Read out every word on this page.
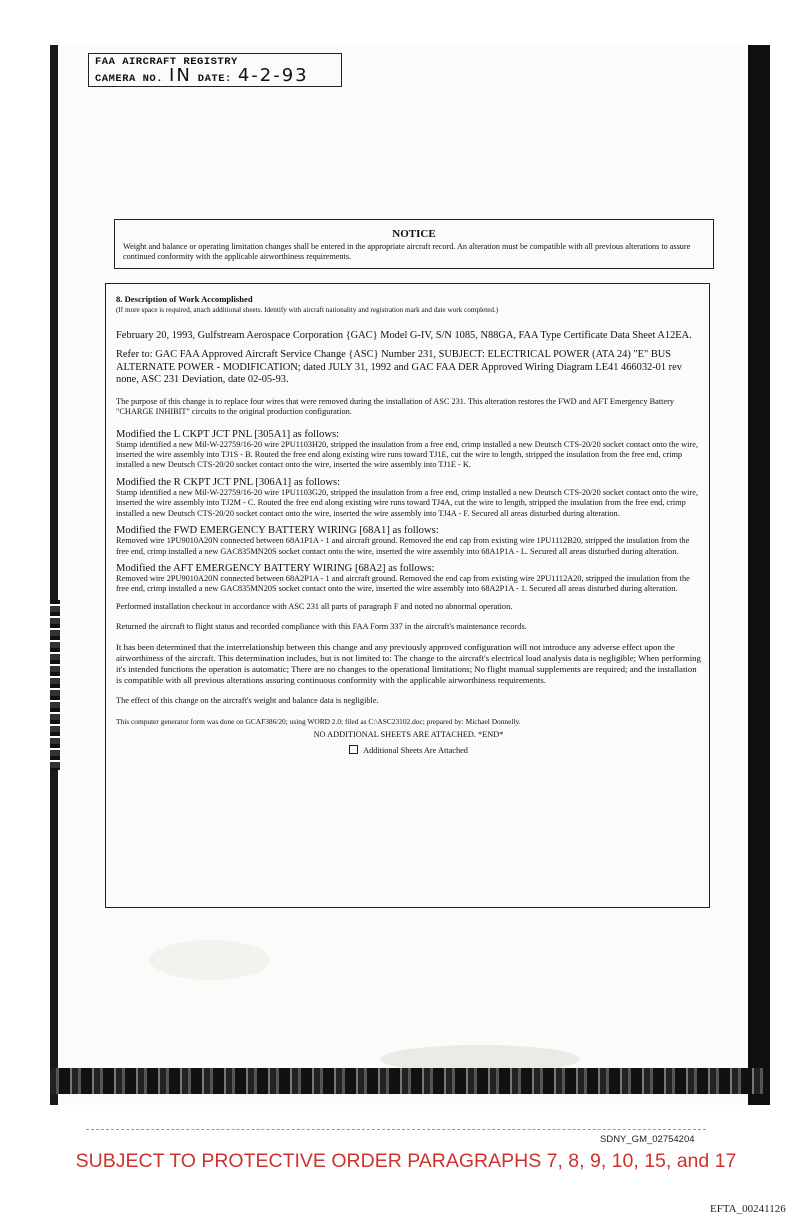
FAA AIRCRAFT REGISTRY
CAMERA NO. IN DATE: 4-2-93
NOTICE
Weight and balance or operating limitation changes shall be entered in the appropriate aircraft record. An alteration must be compatible with all previous alterations to assure continued conformity with the applicable airworthiness requirements.

8. Description of Work Accomplished
(If more space is required, attach additional sheets. Identify with aircraft nationality and registration mark and date work completed.)

February 20, 1993, Gulfstream Aerospace Corporation {GAC} Model G-IV, S/N 1085, N88GA, FAA Type Certificate Data Sheet A12EA.

Refer to: GAC FAA Approved Aircraft Service Change {ASC} Number 231, SUBJECT: ELECTRICAL POWER (ATA 24) "E" BUS ALTERNATE POWER - MODIFICATION; dated JULY 31, 1992 and GAC FAA DER Approved Wiring Diagram LE41 466032-01 rev none, ASC 231 Deviation, date 02-05-93.

The purpose of this change is to replace four wires that were removed during the installation of ASC 231. This alteration restores the FWD and AFT Emergency Battery "CHARGE INHIBIT" circuits to the original production configuration.

Modified the L CKPT JCT PNL [305A1] as follows:
Stamp identified a new Mil-W-22759/16-20 wire 2PU1103H20, stripped the insulation from a free end, crimp installed a new Deutsch CTS-20/20 socket contact onto the wire, inserted the wire assembly into TJ1S - B. Routed the free end along existing wire runs toward TJ1E, cut the wire to length, stripped the insulation from the free end, crimp installed a new Deutsch CTS-20/20 socket contact onto the wire, inserted the wire assembly into TJ1E - K.

Modified the R CKPT JCT PNL [306A1] as follows:
Stamp identified a new Mil-W-22759/16-20 wire 1PU1103G20, stripped the insulation from a free end, crimp installed a new Deutsch CTS-20/20 socket contact onto the wire, inserted the wire assembly into TJ2M - C. Routed the free end along existing wire runs toward TJ4A, cut the wire to length, stripped the insulation from the free end, crimp installed a new Deutsch CTS-20/20 socket contact onto the wire, inserted the wire assembly into TJ4A - F. Secured all areas disturbed during alteration.

Modified the FWD EMERGENCY BATTERY WIRING [68A1] as follows:
Removed wire 1PU9010A20N connected between 68A1P1A - 1 and aircraft ground. Removed the end cap from existing wire 1PU1112B20, stripped the insulation from the free end, crimp installed a new GAC835MN20S socket contact onto the wire, inserted the wire assembly into 68A1P1A - L. Secured all areas disturbed during alteration.

Modified the AFT EMERGENCY BATTERY WIRING [68A2] as follows:
Removed wire 2PU9010A20N connected between 68A2P1A - 1 and aircraft ground. Removed the end cap from existing wire 2PU1112A20, stripped the insulation from the free end, crimp installed a new GAC835MN20S socket contact onto the wire, inserted the wire assembly into 68A2P1A - 1. Secured all areas disturbed during alteration.

Performed installation checkout in accordance with ASC 231 all parts of paragraph F and noted no abnormal operation.

Returned the aircraft to flight status and recorded compliance with this FAA Form 337 in the aircraft's maintenance records.

It has been determined that the interrelationship between this change and any previously approved configuration will not introduce any adverse effect upon the airworthiness of the aircraft. This determination includes, but is not limited to: The change to the aircraft's electrical load analysis data is negligible; When performing it's intended functions the operation is automatic; There are no changes to the operational limitations; No flight manual supplements are required; and the installation is compatible with all previous alterations assuring continuous conformity with the applicable airworthiness requirements.

The effect of this change on the aircraft's weight and balance data is negligible.

This computer generator form was done on GCAF386/20; using WORD 2.0; filed as C:\ASC23102.doc; prepared by: Michael Donnelly.

NO ADDITIONAL SHEETS ARE ATTACHED. *END*

Additional Sheets Are Attached

SDNY_GM_02754204
SUBJECT TO PROTECTIVE ORDER PARAGRAPHS 7, 8, 9, 10, 15, and 17
EFTA_00241126
